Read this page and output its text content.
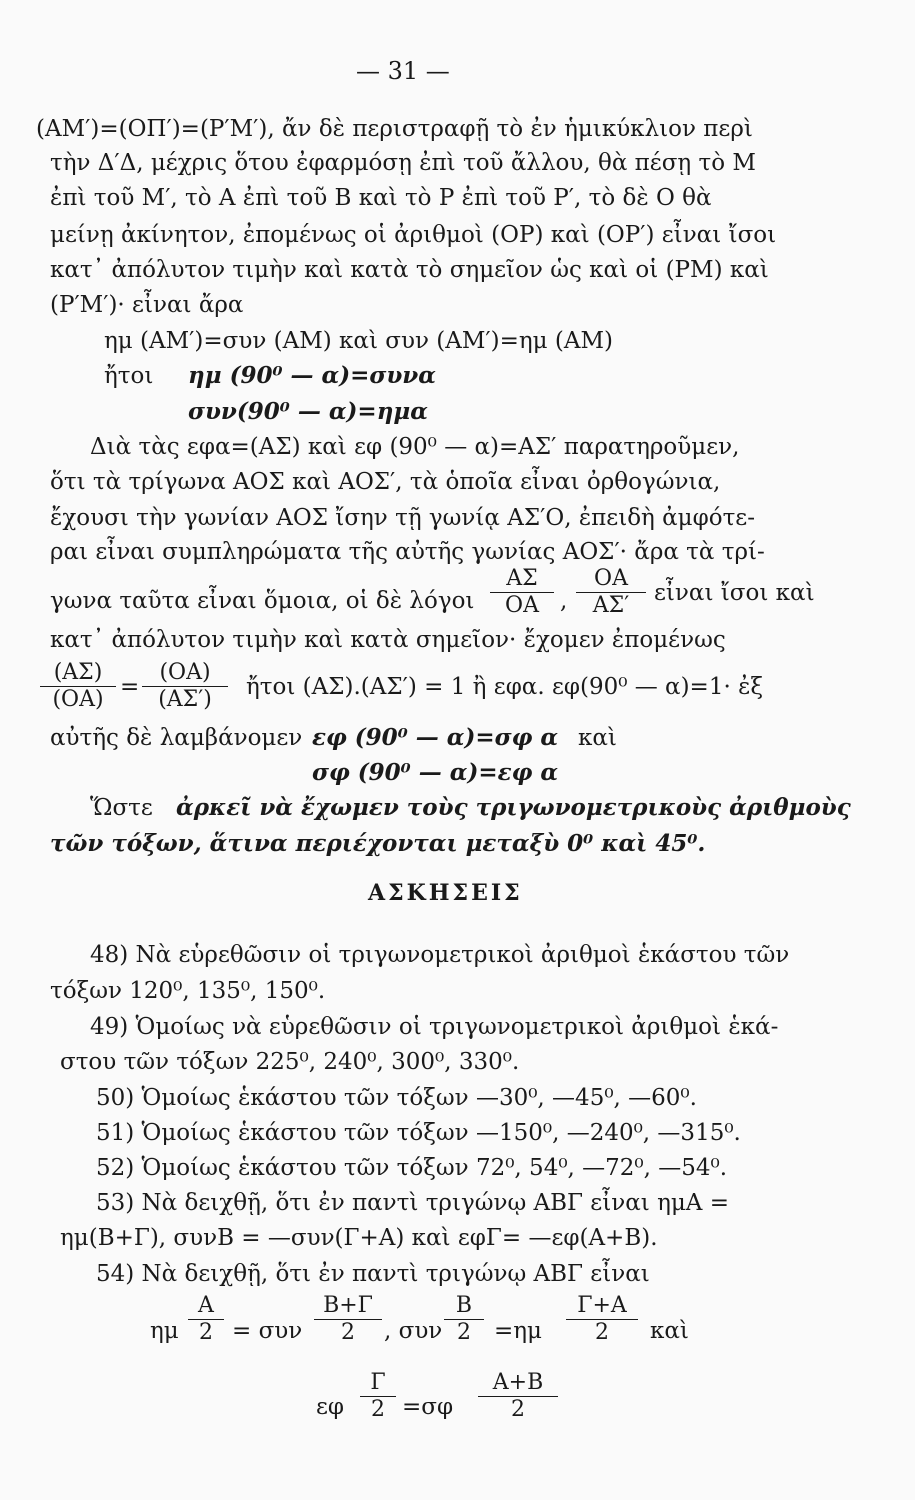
— 31 —
(ΑΜ′)=(ΟΠ′)=(Ρ′Μ′), ἄν δὲ περιστραφῇ τὸ ἐν ἡμικύκλιον περὶ
τὴν Δ′Δ, μέχρις ὅτου ἐφαρμόσῃ ἐπὶ τοῦ ἄλλου, θὰ πέσῃ τὸ Μ
ἐπὶ τοῦ Μ′, τὸ Α ἐπὶ τοῦ Β καὶ τὸ Ρ ἐπὶ τοῦ Ρ′, τὸ δὲ Ο θὰ
μείνῃ ἀκίνητον, ἐπομένως οἱ ἀριθμοὶ (ΟΡ) καὶ (ΟΡ′) εἶναι ἴσοι
κατ᾽ ἀπόλυτον τιμὴν καὶ κατὰ τὸ σημεῖον ὡς καὶ οἱ (ΡΜ) καὶ
(Ρ′Μ′)· εἶναι ἄρα
ημ (ΑΜ′)=συν (ΑΜ) καὶ συν (ΑΜ′)=ημ (ΑΜ)
ἤτοι ημ (90⁰ — α)=συνα
συν(90⁰ — α)=ημα
Διὰ τὰς εφα=(ΑΣ) καὶ εφ (90⁰ — α)=ΑΣ′ παρατηροῦμεν,
ὅτι τὰ τρίγωνα ΑΟΣ καὶ ΑΟΣ′, τὰ ὁποῖα εἶναι ὀρθογώνια,
ἔχουσι τὴν γωνίαν ΑΟΣ ἴσην τῇ γωνίᾳ ΑΣ′Ο, ἐπειδὴ ἀμφότε-
ραι εἶναι συμπληρώματα τῆς αὐτῆς γωνίας ΑΟΣ′· ἄρα τὰ τρί-
γωνα ταῦτα εἶναι ὅμοια, οἱ δὲ λόγοι $\frac{A\Sigma}{OA}$ , $\frac{OA}{A\Sigma'}$ εἶναι ἴσοι καὶ
κατ᾽ ἀπόλυτον τιμὴν καὶ κατὰ σημεῖον· ἔχομεν ἐπομένως
$\frac{(A\Sigma)}{(OA)} = \frac{(OA)}{(A\Sigma')}$ ἤτοι (ΑΣ).(ΑΣ′) = 1 ἢ εφα. εφ(90⁰ — α)=1· ἐξ
αὐτῆς δὲ λαμβάνομεν εφ (90⁰ — α)=σφ α καὶ
σφ (90⁰ — α)=εφ α
Ὥστε ἀρκεῖ νὰ ἔχωμεν τοὺς τριγωνομετρικοὺς ἀριθμοὺς
τῶν τόξων, ἅτινα περιέχονται μεταξὺ 0⁰ καὶ 45⁰.
ΑΣΚΗΣΕΙΣ
48) Νὰ εὑρεθῶσιν οἱ τριγωνομετρικοὶ ἀριθμοὶ ἑκάστου τῶν
τόξων 120⁰, 135⁰, 150⁰.
49) Ὁμοίως νὰ εὑρεθῶσιν οἱ τριγωνομετρικοὶ ἀριθμοὶ ἑκά-
στου τῶν τόξων 225⁰, 240⁰, 300⁰, 330⁰.
50) Ὁμοίως ἑκάστου τῶν τόξων —30⁰, —45⁰, —60⁰.
51) Ὁμοίως ἑκάστου τῶν τόξων —150⁰, —240⁰, —315⁰.
52) Ὁμοίως ἑκάστου τῶν τόξων 72⁰, 54⁰, —72⁰, —54⁰.
53) Νὰ δειχθῇ, ὅτι ἐν παντὶ τριγώνῳ ΑΒΓ εἶναι ημΑ =
ημ(Β+Γ), συνΒ = —συν(Γ+Α) καὶ εφΓ= —εφ(Α+Β).
54) Νὰ δειχθῇ, ὅτι ἐν παντὶ τριγώνῳ ΑΒΓ εἶναι
ημ $\frac{A}{2} = \sigma\upsilon\nu \frac{B+\Gamma}{2}$ , συν $\frac{B}{2} =\eta\mu \frac{\Gamma+A}{2}$ καὶ
εφ $\frac{\Gamma}{2} =\sigma\varphi \frac{A+B}{2}$
